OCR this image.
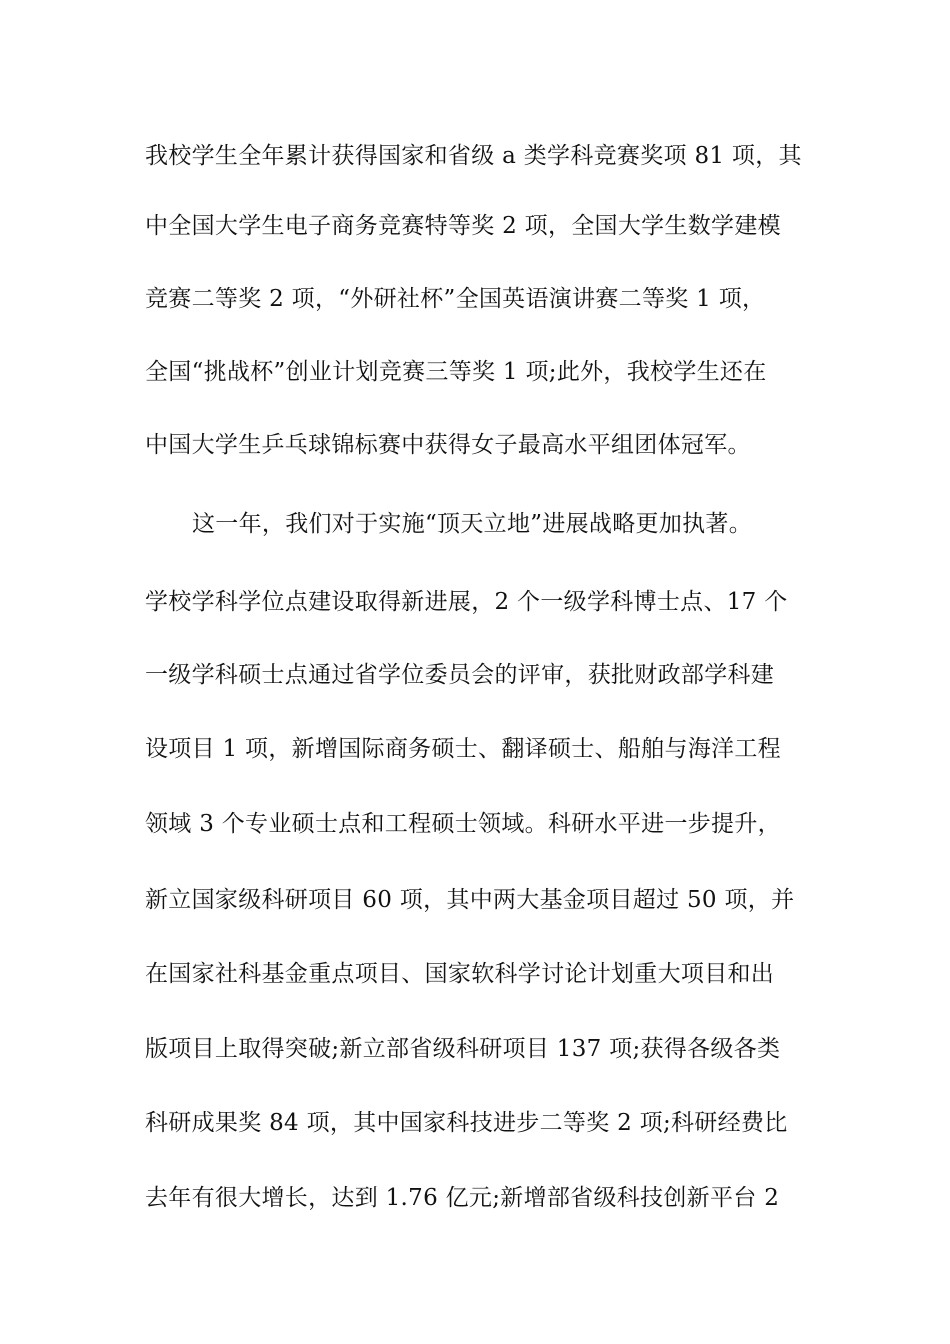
我校学生全年累计获得国家和省级 a 类学科竞赛奖项 81 项，其
中全国大学生电子商务竞赛特等奖 2 项，全国大学生数学建模
竞赛二等奖 2 项，“外研社杯”全国英语演讲赛二等奖 1 项，
全国“挑战杯”创业计划竞赛三等奖 1 项;此外，我校学生还在
中国大学生乒乓球锦标赛中获得女子最高水平组团体冠军。
这一年，我们对于实施“顶天立地”进展战略更加执著。
学校学科学位点建设取得新进展，2 个一级学科博士点、17 个
一级学科硕士点通过省学位委员会的评审，获批财政部学科建
设项目 1 项，新增国际商务硕士、翻译硕士、船舶与海洋工程
领域 3 个专业硕士点和工程硕士领域。科研水平进一步提升，
新立国家级科研项目 60 项，其中两大基金项目超过 50 项，并
在国家社科基金重点项目、国家软科学讨论计划重大项目和出
版项目上取得突破;新立部省级科研项目 137 项;获得各级各类
科研成果奖 84 项，其中国家科技进步二等奖 2 项;科研经费比
去年有很大增长，达到 1.76 亿元;新增部省级科技创新平台 2
